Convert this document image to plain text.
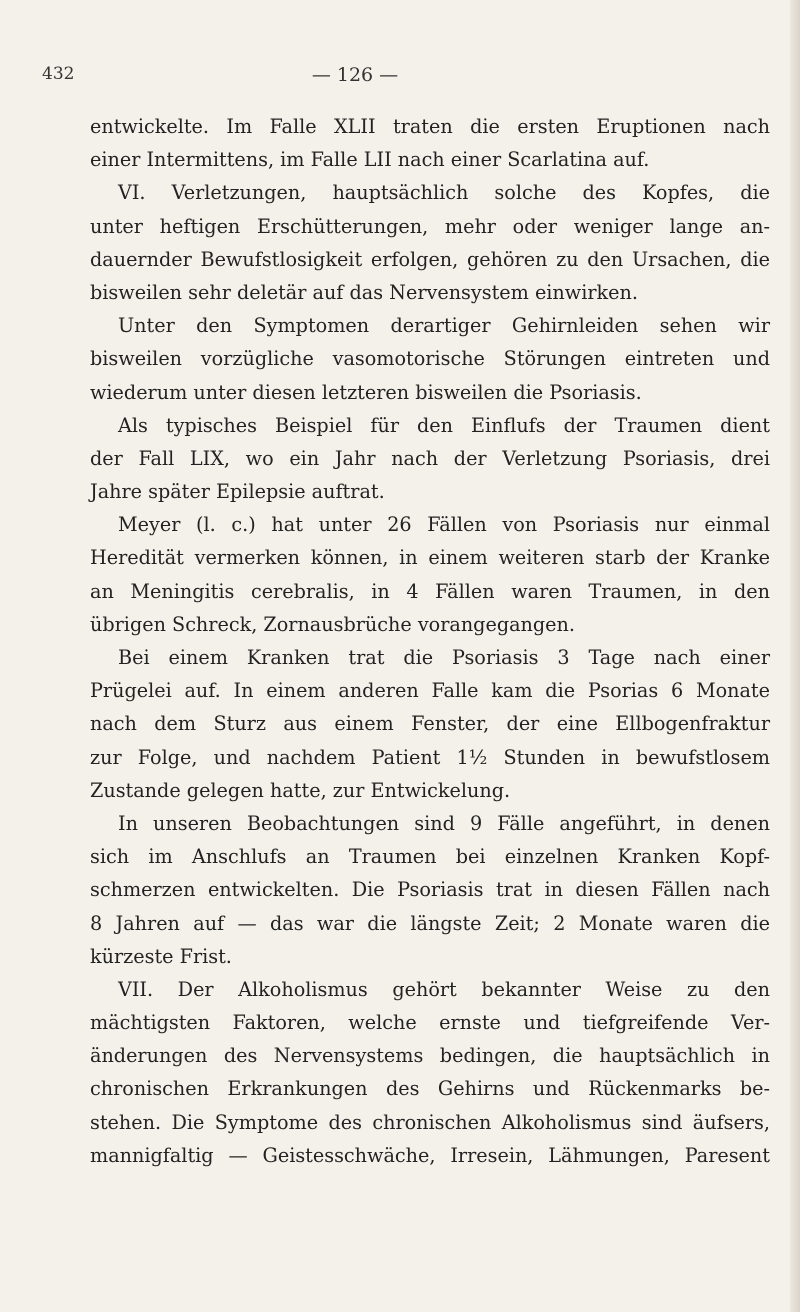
432	— 126 —
entwickelte. Im Falle XLII traten die ersten Eruptionen nach
einer Intermittens, im Falle LII nach einer Scarlatina auf.
VI. Verletzungen, hauptsächlich solche des Kopfes, die
unter heftigen Erschütterungen, mehr oder weniger lange an-
dauernder Bewufstlosigkeit erfolgen, gehören zu den Ursachen, die
bisweilen sehr deletär auf das Nervensystem einwirken.
Unter den Symptomen derartiger Gehirnleiden sehen wir
bisweilen vorzügliche vasomotorische Störungen eintreten und
wiederum unter diesen letzteren bisweilen die Psoriasis.
Als typisches Beispiel für den Einflufs der Traumen dient
der Fall LIX, wo ein Jahr nach der Verletzung Psoriasis, drei
Jahre später Epilepsie auftrat.
Meyer (l. c.) hat unter 26 Fällen von Psoriasis nur einmal
Heredität vermerken können, in einem weiteren starb der Kranke
an Meningitis cerebralis, in 4 Fällen waren Traumen, in den
übrigen Schreck, Zornausbrüche vorangegangen.
Bei einem Kranken trat die Psoriasis 3 Tage nach einer
Prügelei auf. In einem anderen Falle kam die Psorias 6 Monate
nach dem Sturz aus einem Fenster, der eine Ellbogenfraktur
zur Folge, und nachdem Patient 1½ Stunden in bewufstlosem
Zustande gelegen hatte, zur Entwickelung.
In unseren Beobachtungen sind 9 Fälle angeführt, in denen
sich im Anschlufs an Traumen bei einzelnen Kranken Kopf-
schmerzen entwickelten. Die Psoriasis trat in diesen Fällen nach
8 Jahren auf — das war die längste Zeit; 2 Monate waren die
kürzeste Frist.
VII. Der Alkoholismus gehört bekannter Weise zu den
mächtigsten Faktoren, welche ernste und tiefgreifende Ver-
änderungen des Nervensystems bedingen, die hauptsächlich in
chronischen Erkrankungen des Gehirns und Rückenmarks be-
stehen. Die Symptome des chronischen Alkoholismus sind äufsers,
mannigfaltig — Geistesschwäche, Irresein, Lähmungen, Paresent
